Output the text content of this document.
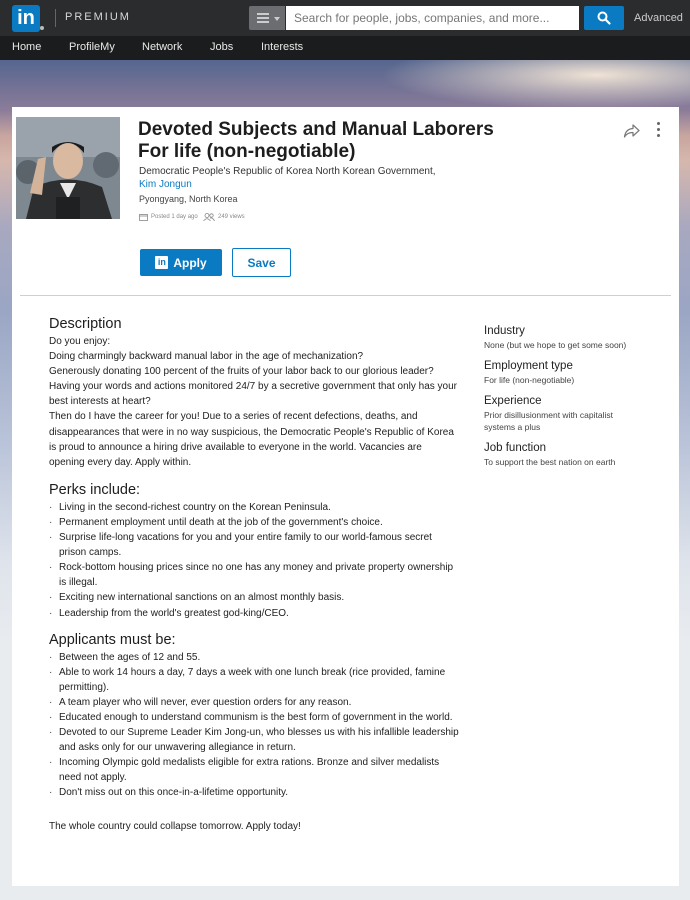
in	PREMIUM
Search for people, jobs, companies, and more...	Advanced
Home	ProfileMy Network	Jobs	Interests
Devoted Subjects and Manual Laborers For life (non-negotiable)
Democratic People's Republic of Korea North Korean Government,
Kim Jongun
Pyongyang, North Korea
Posted 1 day ago	249 views
in Apply	Save
Description

Do you enjoy:

Doing charmingly backward manual labor in the age of mechanization?

Generously donating 100 percent of the fruits of your labor back to our glorious leader?

Having your words and actions monitored 24/7 by a secretive government that only has your best interests at heart?

Then do I have the career for you! Due to a series of recent defections, deaths, and disappearances that were in no way suspicious, the Democratic People's Republic of Korea is proud to announce a hiring drive available to everyone in the world. Vacancies are opening every day. Apply within.

Perks include:
· Living in the second-richest country on the Korean Peninsula.
· Permanent employment until death at the job of the government's choice.
· Surprise life-long vacations for you and your entire family to our world-famous secret prison camps.
· Rock-bottom housing prices since no one has any money and private property ownership is illegal.
· Exciting new international sanctions on an almost monthly basis.
· Leadership from the world's greatest god-king/CEO.
Applicants must be:
· Between the ages of 12 and 55.
· Able to work 14 hours a day, 7 days a week with one lunch break (rice provided, famine permitting).
· A team player who will never, ever question orders for any reason.
· Educated enough to understand communism is the best form of government in the world.
· Devoted to our Supreme Leader Kim Jong-un, who blesses us with his infallible leadership and asks only for our unwavering allegiance in return.
· Incoming Olympic gold medalists eligible for extra rations. Bronze and silver medalists need not apply.
· Don't miss out on this once-in-a-lifetime opportunity.

The whole country could collapse tomorrow. Apply today!

Industry
None (but we hope to get some soon)
Employment type
For life (non-negotiable)
Experience
Prior disillusionment with capitalist systems a plus
Job function
To support the best nation on earth
